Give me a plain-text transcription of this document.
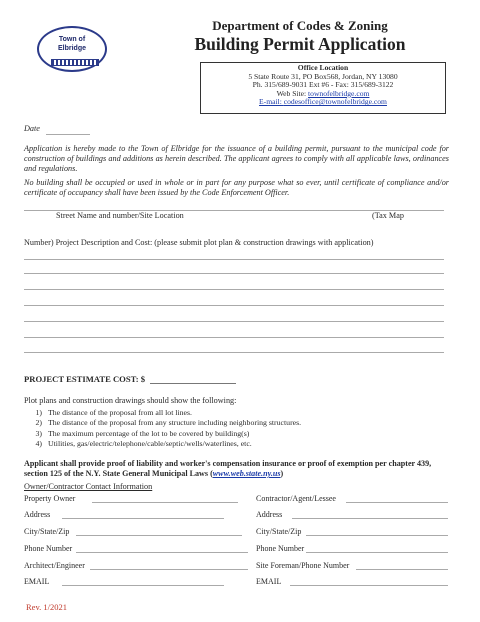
Town of
Elbridge
Department of Codes & Zoning
Building Permit Application
Office Location
5 State Route 31, PO Box568, Jordan, NY 13080
Ph. 315/689-9031 Ext #6 - Fax: 315/689-3122
Web Site: townofelbridge.com
E-mail: codesoffice@townofelbridge.com
Date
Application is hereby made to the Town of Elbridge for the issuance of a building permit, pursuant to the municipal code for construction of buildings and additions as herein described. The applicant agrees to comply with all applicable laws, ordinances and regulations.
No building shall be occupied or used in whole or in part for any purpose what so ever, until certificate of compliance and/or certificate of occupancy shall have been issued by the Code Enforcement Officer.
Street Name and number/Site Location	(Tax Map
Number) Project Description and Cost: (please submit plot plan & construction drawings with application)
PROJECT ESTIMATE COST: $
Plot plans and construction drawings should show the following:
1) The distance of the proposal from all lot lines.
2) The distance of the proposal from any structure including neighboring structures.
3) The maximum percentage of the lot to be covered by building(s)
4) Utilities, gas/electric/telephone/cable/septic/wells/waterlines, etc.
Applicant shall provide proof of liability and worker's compensation insurance or proof of exemption per chapter 439, section 125 of the N.Y. State General Municipal Laws (www.web.state.ny.us)
Owner/Contractor Contact Information
Property Owner
Address
City/State/Zip
Phone Number
Architect/Engineer
EMAIL
Contractor/Agent/Lessee
Address
City/State/Zip
Phone Number
Site Foreman/Phone Number
EMAIL
Rev. 1/2021
